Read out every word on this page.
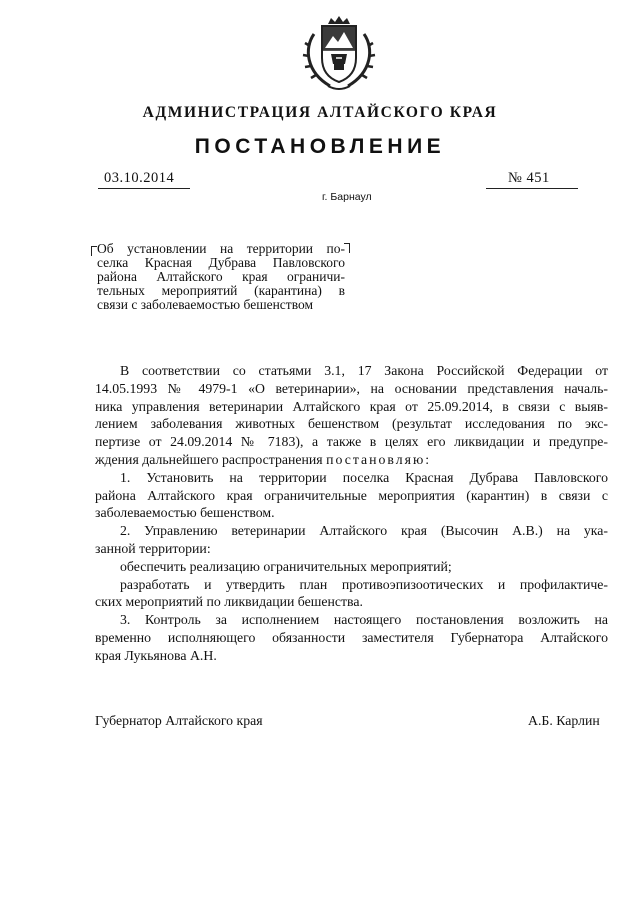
АДМИНИСТРАЦИЯ АЛТАЙСКОГО КРАЯ
ПОСТАНОВЛЕНИЕ
03.10.2014	№ 451
г. Барнаул
Об установлении на территории по-
селка Красная Дубрава Павловского
района Алтайского края ограничи-
тельных мероприятий (карантина) в
связи с заболеваемостью бешенством
В соответствии со статьями 3.1, 17 Закона Российской Федерации от
14.05.1993 № 4979-1 «О ветеринарии», на основании представления началь-
ника управления ветеринарии Алтайского края от 25.09.2014, в связи с выяв-
лением заболевания животных бешенством (результат исследования по экс-
пертизе от 24.09.2014 № 7183), а также в целях его ликвидации и предупре-
ждения дальнейшего распространения постановляю:
1. Установить на территории поселка Красная Дубрава Павловского
района Алтайского края ограничительные мероприятия (карантин) в связи с
заболеваемостью бешенством.
2. Управлению ветеринарии Алтайского края (Высочин А.В.) на ука-
занной территории:
обеспечить реализацию ограничительных мероприятий;
разработать и утвердить план противоэпизоотических и профилактиче-
ских мероприятий по ликвидации бешенства.
3. Контроль за исполнением настоящего постановления возложить на
временно исполняющего обязанности заместителя Губернатора Алтайского
края Лукьянова А.Н.
Губернатор Алтайского края	А.Б. Карлин
